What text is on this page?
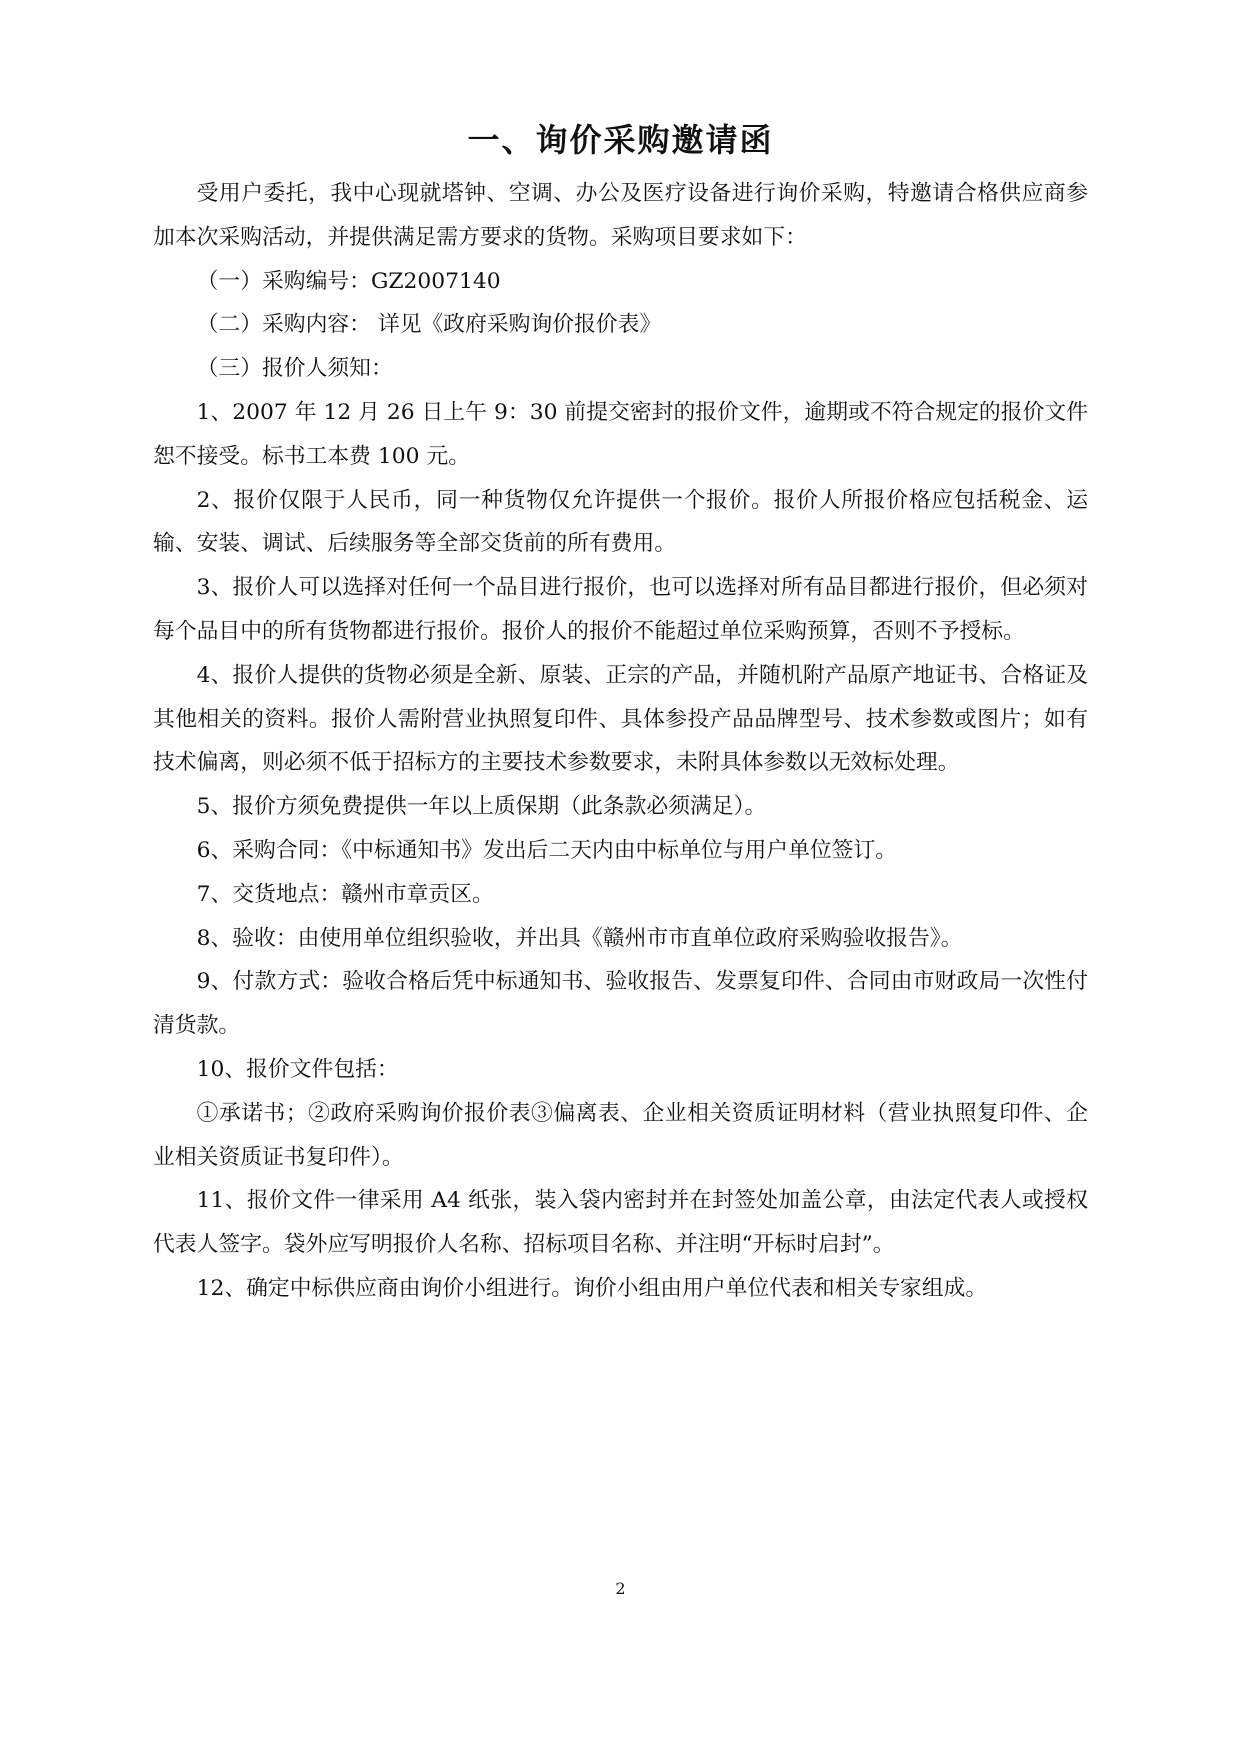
一、询价采购邀请函

受用户委托，我中心现就塔钟、空调、办公及医疗设备进行询价采购，特邀请合格供应商参加本次采购活动，并提供满足需方要求的货物。采购项目要求如下：

（一）采购编号：GZ2007140

（二）采购内容： 详见《政府采购询价报价表》

（三）报价人须知：

1、2007 年 12 月 26 日上午 9：30 前提交密封的报价文件，逾期或不符合规定的报价文件恕不接受。标书工本费 100 元。

2、报价仅限于人民币，同一种货物仅允许提供一个报价。报价人所报价格应包括税金、运输、安装、调试、后续服务等全部交货前的所有费用。

3、报价人可以选择对任何一个品目进行报价，也可以选择对所有品目都进行报价，但必须对每个品目中的所有货物都进行报价。报价人的报价不能超过单位采购预算，否则不予授标。

4、报价人提供的货物必须是全新、原装、正宗的产品，并随机附产品原产地证书、合格证及其他相关的资料。报价人需附营业执照复印件、具体参投产品品牌型号、技术参数或图片；如有技术偏离，则必须不低于招标方的主要技术参数要求，未附具体参数以无效标处理。

5、报价方须免费提供一年以上质保期（此条款必须满足）。

6、采购合同：《中标通知书》发出后二天内由中标单位与用户单位签订。

7、交货地点：赣州市章贡区。

8、验收：由使用单位组织验收，并出具《赣州市市直单位政府采购验收报告》。

9、付款方式：验收合格后凭中标通知书、验收报告、发票复印件、合同由市财政局一次性付清货款。

10、报价文件包括：

①承诺书；②政府采购询价报价表③偏离表、企业相关资质证明材料（营业执照复印件、企业相关资质证书复印件）。

11、报价文件一律采用 A4 纸张，装入袋内密封并在封签处加盖公章，由法定代表人或授权代表人签字。袋外应写明报价人名称、招标项目名称、并注明“开标时启封”。

12、确定中标供应商由询价小组进行。询价小组由用户单位代表和相关专家组成。

2
